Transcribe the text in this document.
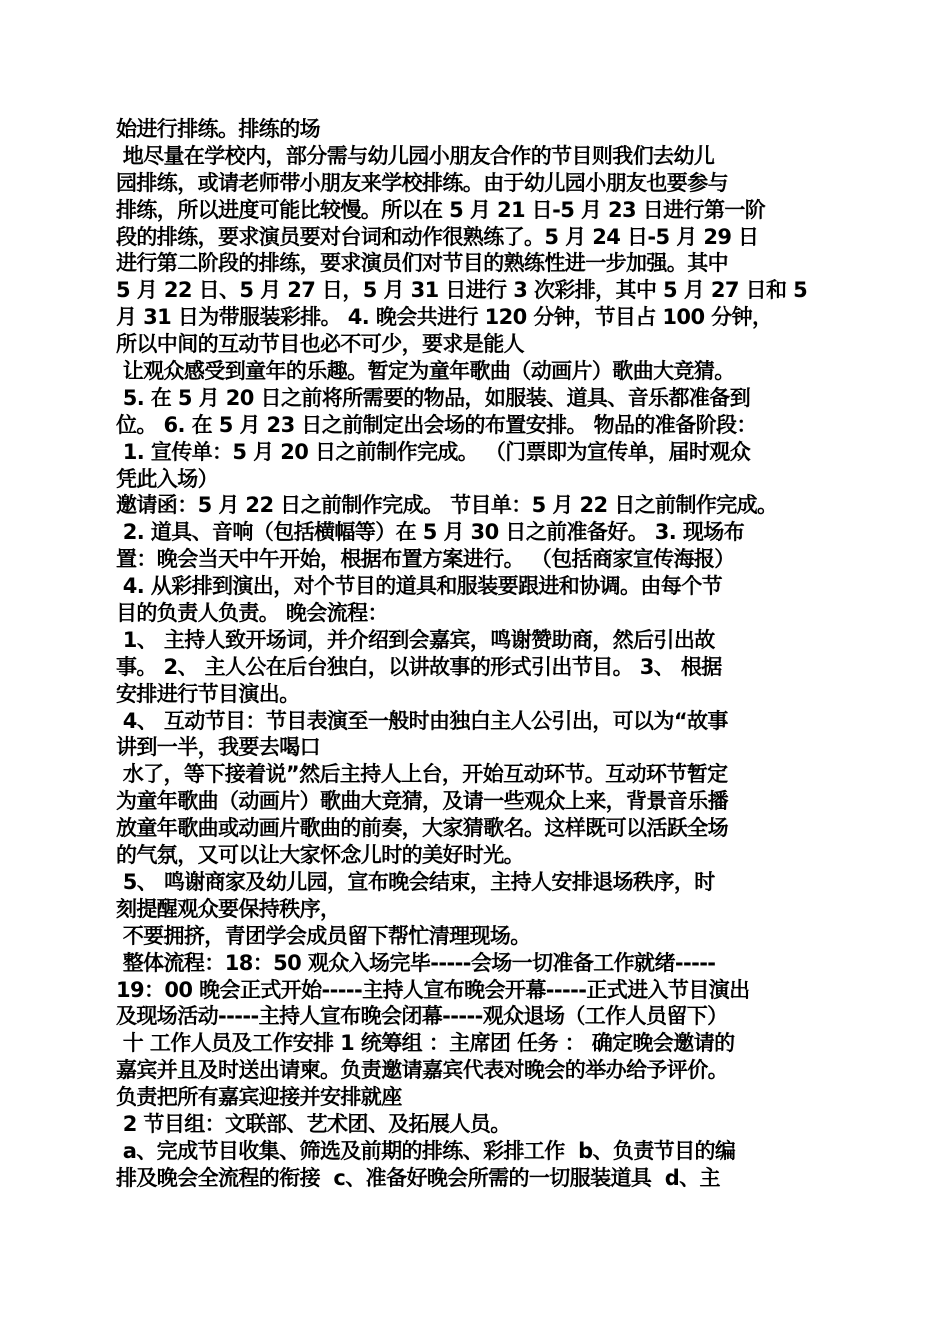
始进行排练。排练的场
地尽量在学校内，部分需与幼儿园小朋友合作的节目则我们去幼儿
园排练，或请老师带小朋友来学校排练。由于幼儿园小朋友也要参与
排练，所以进度可能比较慢。所以在 5 月 21 日-5 月 23 日进行第一阶
段的排练，要求演员要对台词和动作很熟练了。5 月 24 日-5 月 29 日
进行第二阶段的排练，要求演员们对节目的熟练性进一步加强。其中
5 月 22 日、5 月 27 日，5 月 31 日进行 3 次彩排，其中 5 月 27 日和 5
月 31 日为带服装彩排。 4. 晚会共进行 120 分钟，节目占 100 分钟，
所以中间的互动节目也必不可少，要求是能人
让观众感受到童年的乐趣。暂定为童年歌曲（动画片）歌曲大竞猜。
5. 在 5 月 20 日之前将所需要的物品，如服装、道具、音乐都准备到
位。 6. 在 5 月 23 日之前制定出会场的布置安排。 物品的准备阶段：
1. 宣传单：5 月 20 日之前制作完成。 （门票即为宣传单，届时观众
凭此入场）
邀请函：5 月 22 日之前制作完成。 节目单：5 月 22 日之前制作完成。
2. 道具、音响（包括横幅等）在 5 月 30 日之前准备好。 3. 现场布
置：晚会当天中午开始，根据布置方案进行。 （包括商家宣传海报）
4. 从彩排到演出，对个节目的道具和服装要跟进和协调。由每个节
目的负责人负责。 晚会流程：
1、 主持人致开场词，并介绍到会嘉宾，鸣谢赞助商，然后引出故
事。 2、 主人公在后台独白，以讲故事的形式引出节目。 3、 根据
安排进行节目演出。
4、 互动节目：节目表演至一般时由独白主人公引出，可以为“故事
讲到一半，我要去喝口
水了，等下接着说”然后主持人上台，开始互动环节。互动环节暂定
为童年歌曲（动画片）歌曲大竞猜，及请一些观众上来，背景音乐播
放童年歌曲或动画片歌曲的前奏，大家猜歌名。这样既可以活跃全场
的气氛，又可以让大家怀念儿时的美好时光。
5、 鸣谢商家及幼儿园，宣布晚会结束，主持人安排退场秩序，时
刻提醒观众要保持秩序，
不要拥挤，青团学会成员留下帮忙清理现场。
整体流程：18：50 观众入场完毕-----会场一切准备工作就绪-----
19：00 晚会正式开始-----主持人宣布晚会开幕-----正式进入节目演出
及现场活动-----主持人宣布晚会闭幕-----观众退场（工作人员留下）
十 工作人员及工作安排 1 统筹组 ：主席团 任务 ： 确定晚会邀请的
嘉宾并且及时送出请柬。负责邀请嘉宾代表对晚会的举办给予评价。
负责把所有嘉宾迎接并安排就座
2 节目组：文联部、艺术团、及拓展人员。
a、完成节目收集、筛选及前期的排练、彩排工作  b、负责节目的编
排及晚会全流程的衔接  c、准备好晚会所需的一切服装道具  d、主
